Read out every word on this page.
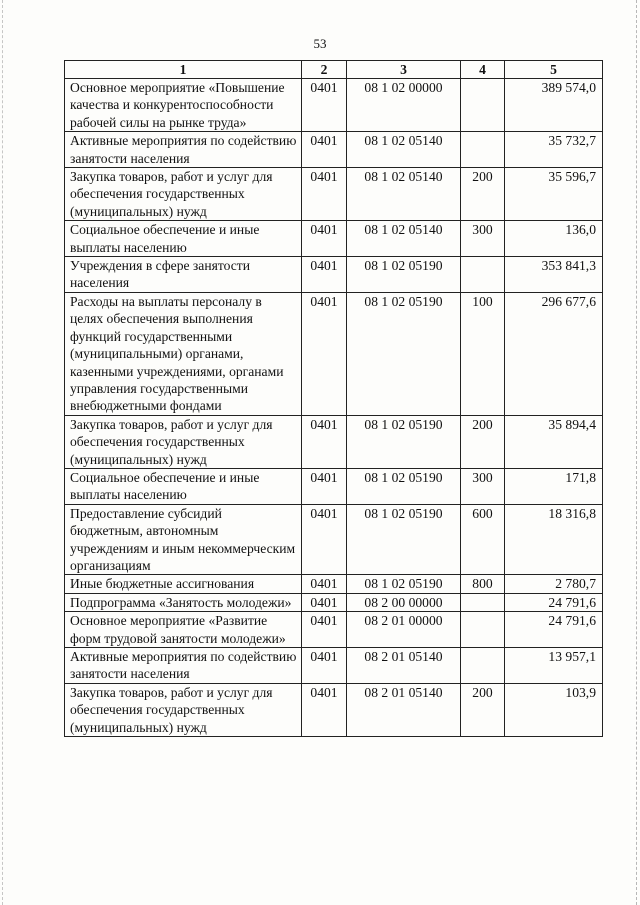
53
1	2	3	4	5
Основное мероприятие «Повышение качества и конкурентоспособности рабочей силы на рынке труда»	0401	08 1 02 00000		389 574,0
Активные мероприятия по содействию занятости населения	0401	08 1 02 05140		35 732,7
Закупка товаров, работ и услуг для обеспечения государственных (муниципальных) нужд	0401	08 1 02 05140	200	35 596,7
Социальное обеспечение и иные выплаты населению	0401	08 1 02 05140	300	136,0
Учреждения в сфере занятости населения	0401	08 1 02 05190		353 841,3
Расходы на выплаты персоналу в целях обеспечения выполнения функций государственными (муниципальными) органами, казенными учреждениями, органами управления государственными внебюджетными фондами	0401	08 1 02 05190	100	296 677,6
Закупка товаров, работ и услуг для обеспечения государственных (муниципальных) нужд	0401	08 1 02 05190	200	35 894,4
Социальное обеспечение и иные выплаты населению	0401	08 1 02 05190	300	171,8
Предоставление субсидий бюджетным, автономным учреждениям и иным некоммерческим организациям	0401	08 1 02 05190	600	18 316,8
Иные бюджетные ассигнования	0401	08 1 02 05190	800	2 780,7
Подпрограмма «Занятость молодежи»	0401	08 2 00 00000		24 791,6
Основное мероприятие «Развитие форм трудовой занятости молодежи»	0401	08 2 01 00000		24 791,6
Активные мероприятия по содействию занятости населения	0401	08 2 01 05140		13 957,1
Закупка товаров, работ и услуг для обеспечения государственных (муниципальных) нужд	0401	08 2 01 05140	200	103,9
